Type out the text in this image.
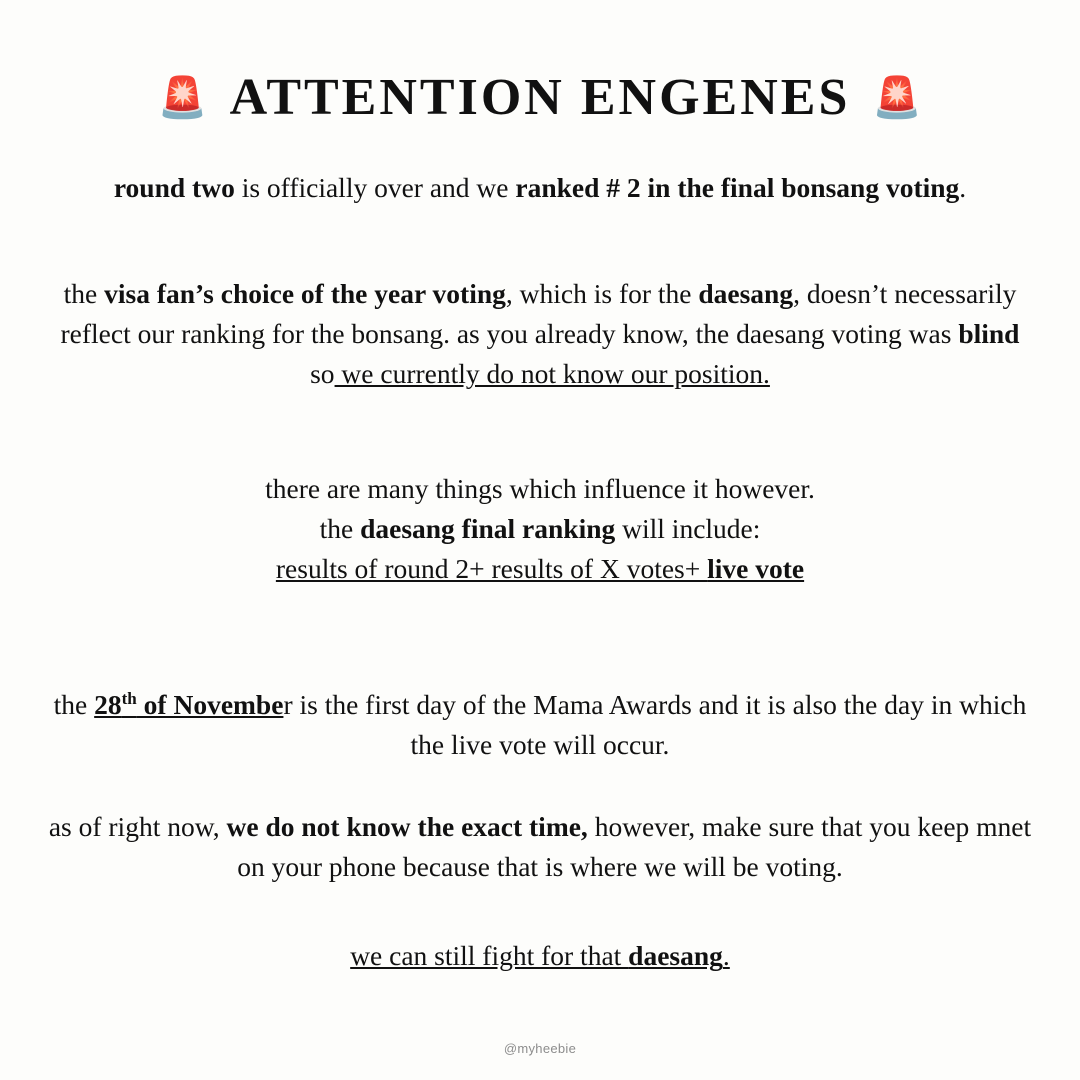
🚨 ATTENTION ENGENES 🚨
round two is officially over and we ranked # 2 in the final bonsang voting.
the visa fan’s choice of the year voting, which is for the daesang, doesn’t necessarily reflect our ranking for the bonsang. as you already know, the daesang voting was blind so we currently do not know our position.
there are many things which influence it however.
the daesang final ranking will include:
results of round 2+ results of X votes+ live vote
the 28th of November is the first day of the Mama Awards and it is also the day in which the live vote will occur.
as of right now, we do not know the exact time, however, make sure that you keep mnet on your phone because that is where we will be voting.
we can still fight for that daesang.
@myheebie
